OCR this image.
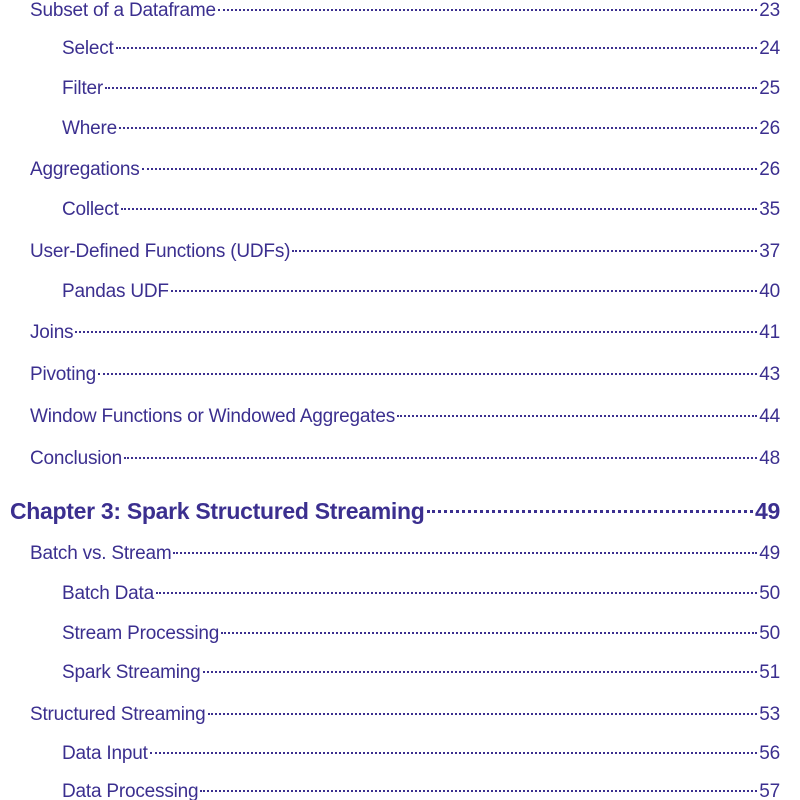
Subset of a Dataframe	23
Select	24
Filter	25
Where	26
Aggregations	26
Collect	35
User-Defined Functions (UDFs)	37
Pandas UDF	40
Joins	41
Pivoting	43
Window Functions or Windowed Aggregates	44
Conclusion	48
Chapter 3: Spark Structured Streaming	49
Batch vs. Stream	49
Batch Data	50
Stream Processing	50
Spark Streaming	51
Structured Streaming	53
Data Input	56
Data Processing	57
